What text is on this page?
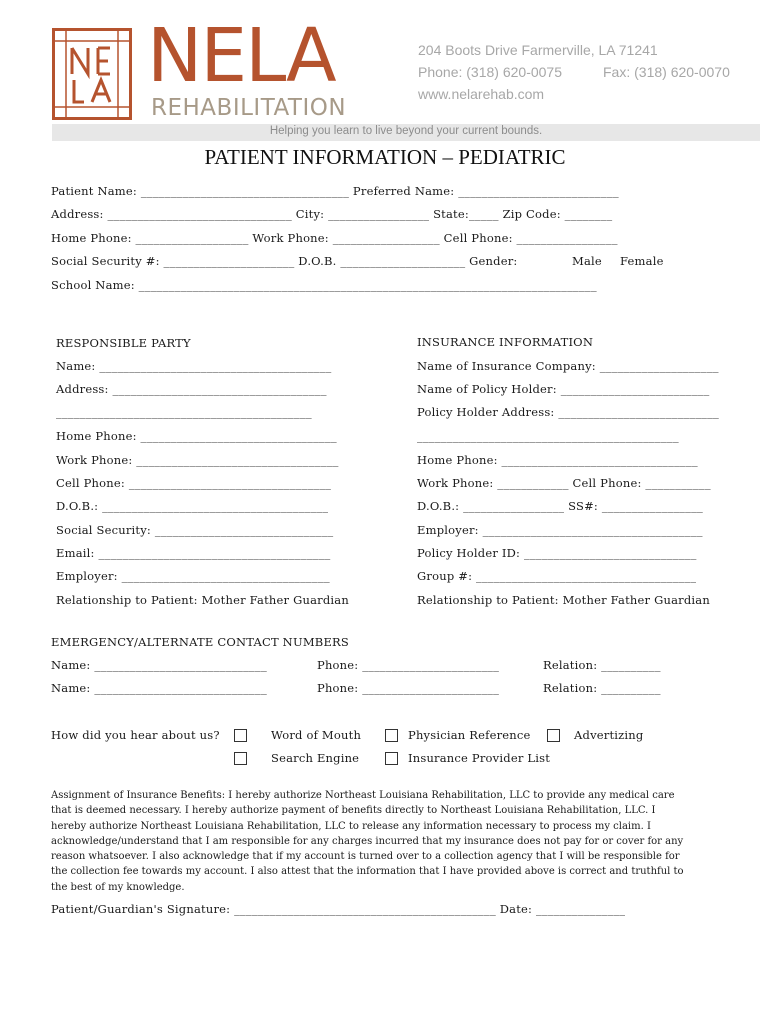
NELA
REHABILITATION
204 Boots Drive Farmerville, LA 71241
Phone: (318) 620-0075	Fax: (318) 620-0070
www.nelarehab.com
Helping you learn to live beyond your current bounds.
PATIENT INFORMATION – PEDIATRIC
Patient Name: ___________________________________ Preferred Name: ___________________________
Address: _______________________________ City: _________________ State:_____ Zip Code: ________
Home Phone: ___________________ Work Phone: __________________ Cell Phone: _________________
Social Security #: ______________________ D.O.B. _____________________ Gender:	Male Female
School Name: _____________________________________________________________________________
RESPONSIBLE PARTY
Name: _______________________________________
Address: ____________________________________
___________________________________________
Home Phone: _________________________________
Work Phone: __________________________________
Cell Phone: __________________________________
D.O.B.: ______________________________________
Social Security: ______________________________
Email: _______________________________________
Employer: ___________________________________
Relationship to Patient: Mother Father Guardian
INSURANCE INFORMATION
Name of Insurance Company: ____________________
Name of Policy Holder: _________________________
Policy Holder Address: ___________________________
____________________________________________
Home Phone: _________________________________
Work Phone: ____________ Cell Phone: ___________
D.O.B.: _________________ SS#: _________________
Employer: _____________________________________
Policy Holder ID: _____________________________
Group #: _____________________________________
Relationship to Patient: Mother Father Guardian
EMERGENCY/ALTERNATE CONTACT NUMBERS
Name: _____________________________	Phone: _______________________	Relation: __________
Name: _____________________________	Phone: _______________________	Relation: __________
How did you hear about us?	Word of Mouth	Physician Reference	Advertizing
Search Engine	Insurance Provider List
Assignment of Insurance Benefits: I hereby authorize Northeast Louisiana Rehabilitation, LLC to provide any medical care that is deemed necessary. I hereby authorize payment of benefits directly to Northeast Louisiana Rehabilitation, LLC. I hereby authorize Northeast Louisiana Rehabilitation, LLC to release any information necessary to process my claim. I acknowledge/understand that I am responsible for any charges incurred that my insurance does not pay for or cover for any reason whatsoever. I also acknowledge that if my account is turned over to a collection agency that I will be responsible for the collection fee towards my account. I also attest that the information that I have provided above is correct and truthful to the best of my knowledge.
Patient/Guardian's Signature: ____________________________________________ Date: _______________
